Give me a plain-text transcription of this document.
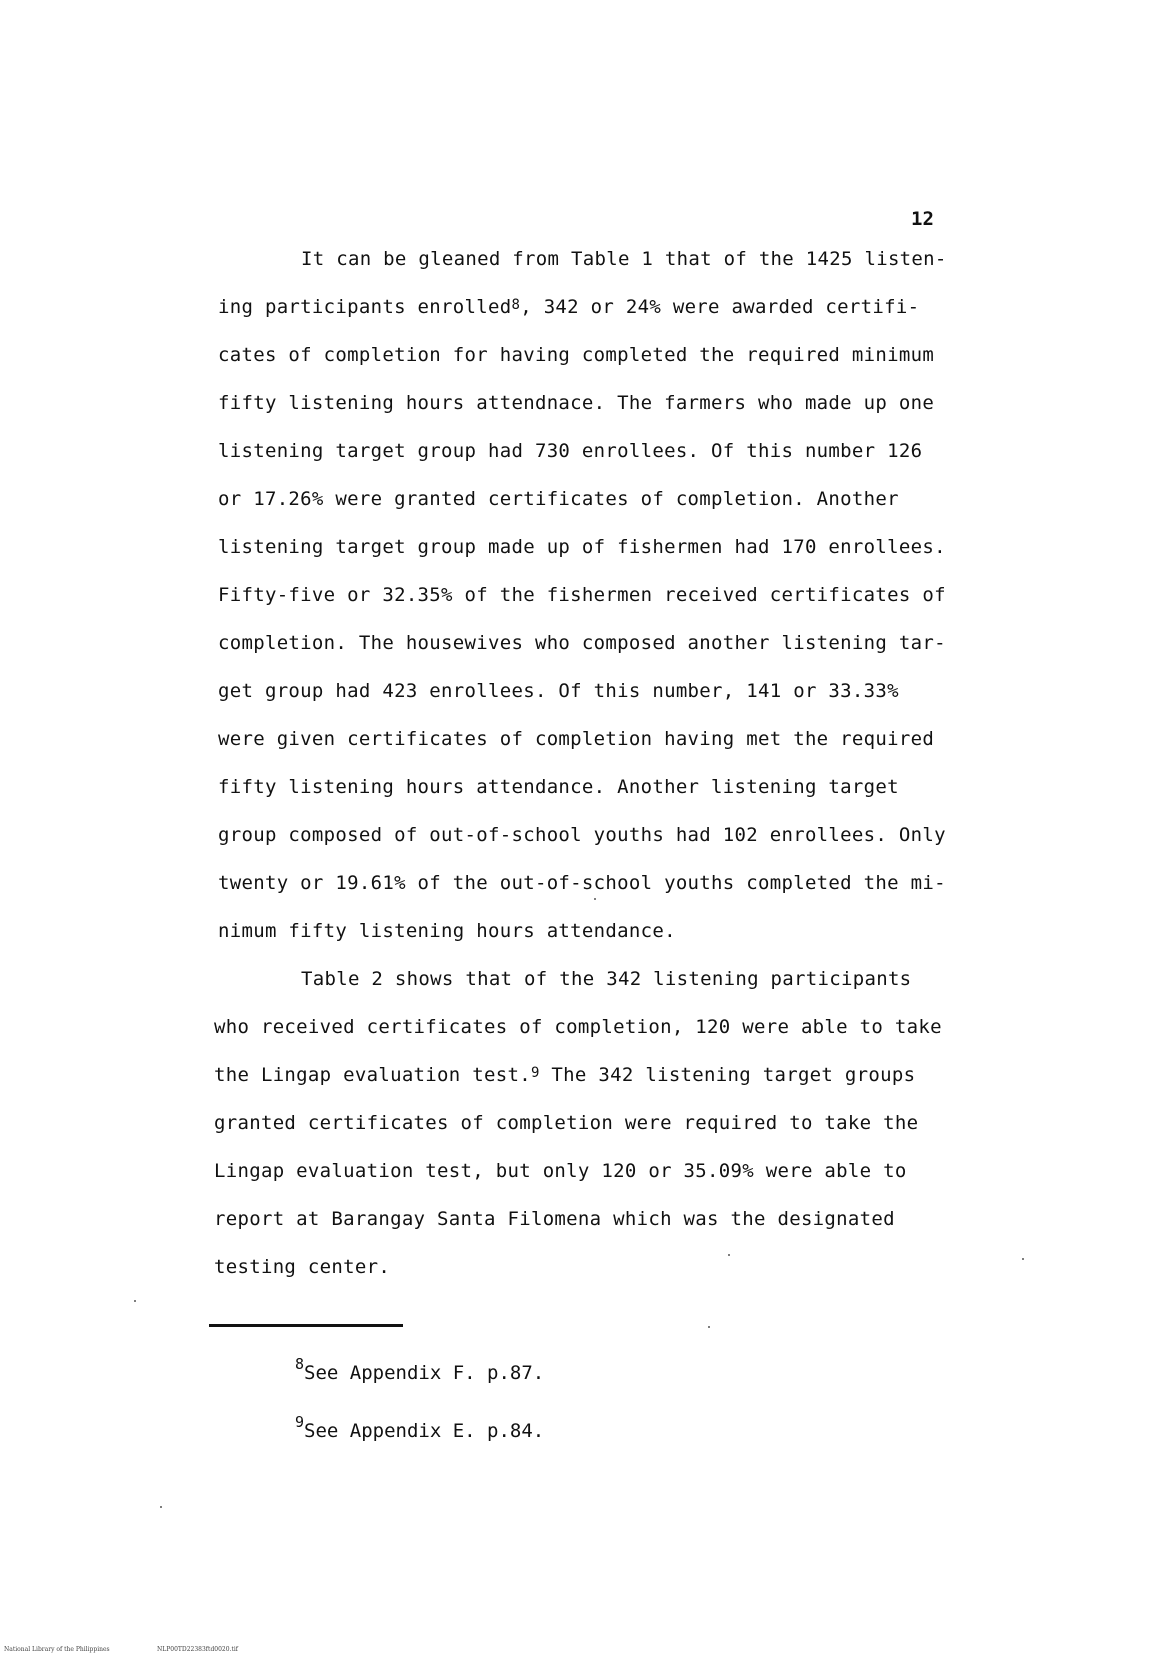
12
It can be gleaned from Table 1 that of the 1425 listen-
ing participants enrolled$^8$, 342 or 24% were awarded certifi-
cates of completion for having completed the required minimum
fifty listening hours attendnace. The farmers who made up one
listening target group had 730 enrollees. Of this number 126
or 17.26% were granted certificates of completion. Another
listening target group made up of fishermen had 170 enrollees.
Fifty-five or 32.35% of the fishermen received certificates of
completion. The housewives who composed another listening tar-
get group had 423 enrollees. Of this number, 141 or 33.33%
were given certificates of completion having met the required
fifty listening hours attendance. Another listening target
group composed of out-of-school youths had 102 enrollees. Only
twenty or 19.61% of the out-of-school youths completed the mi-
nimum fifty listening hours attendance.
Table 2 shows that of the 342 listening participants
who received certificates of completion, 120 were able to take
the Lingap evaluation test.$^9$ The 342 listening target groups
granted certificates of completion were required to take the
Lingap evaluation test, but only 120 or 35.09% were able to
report at Barangay Santa Filomena which was the designated
testing center.
$^8$See Appendix F. p.87.
$^9$See Appendix E. p.84.
National Library of the Philippines	NLP00TD22383ftd0020.tif
